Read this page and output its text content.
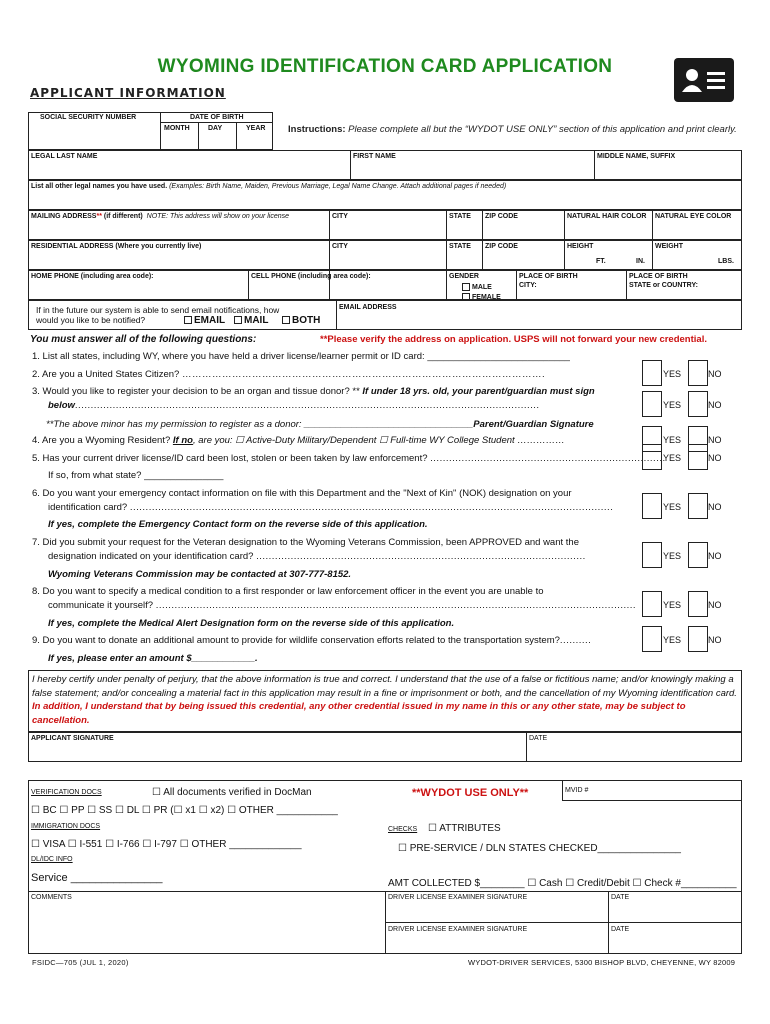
WYOMING IDENTIFICATION CARD APPLICATION
APPLICANT INFORMATION
SOCIAL SECURITY NUMBER	DATE OF BIRTH
MONTH	DAY	YEAR Instructions: Please complete all but the “WYDOT USE ONLY” section of this application and print clearly.
LEGAL LAST NAME	FIRST NAME	MIDDLE NAME, SUFFIX
List all other legal names you have used. (Examples: Birth Name, Maiden, Previous Marriage, Legal Name Change. Attach additional pages if needed)
MAILING ADDRESS** (if different) NOTE: This address will show on your license	CITY	STATE ZIP CODE	NATURAL HAIR COLOR NATURAL EYE COLOR
RESIDENTIAL ADDRESS (Where you currently live)	CITY	STATE ZIP CODE	HEIGHT	WEIGHT
FT.	IN.	LBS.
HOME PHONE (including area code):	CELL PHONE (including area code):	GENDER
MALE
FEMALE
PLACE OF BIRTH
CITY:
PLACE OF BIRTH
STATE or COUNTRY:
If in the future our system is able to send email notifications, how
would you like to be notified?	EMAIL	MAIL	BOTH
EMAIL ADDRESS
You must answer all of the following questions:	**Please verify the address on application. USPS will not forward your new credential.
1. List all states, including WY, where you have held a driver license/learner permit or ID card: ___________________________
2. Are you a United States Citizen? ……………………………………………………………………………………………….	YES	NO
3. Would you like to register your decision to be an organ and tissue donor? ** If under 18 yrs. old, your parent/guardian must sign
below....................................................................................................................................................	YES	NO
**The above minor has my permission to register as a donor: ________________________________Parent/Guardian Signature
4. Are you a Wyoming Resident? If no, are you: ☐ Active-Duty Military/Dependent ☐ Full-time WY College Student ……………	YES	NO
5. Has your current driver license/ID card been lost, stolen or been taken by law enforcement? ...........................................................................
YES	NO
If so, from what state? _______________
6. Do you want your emergency contact information on file with this Department and the "Next of Kin" (NOK) designation on your
identification card? ..........................................................................................................................................................	YES	NO
If yes, complete the Emergency Contact form on the reverse side of this application.
7. Did you submit your request for the Veteran designation to the Wyoming Veterans Commission, been APPROVED and want the
designation indicated on your identification card? .........................................................................................................	YES	NO
Wyoming Veterans Commission may be contacted at 307-777-8152.
8. Do you want to specify a medical condition to a first responder or law enforcement officer in the event you are unable to
communicate it yourself? .........................................................................................................................................................	YES	NO
If yes, complete the Medical Alert Designation form on the reverse side of this application.
9. Do you want to donate an additional amount to provide for wildlife conservation efforts related to the transportation system?..........	YES	NO
If yes, please enter an amount $____________.
I hereby certify under penalty of perjury, that the above information is true and correct. I understand that the use of a false or fictitious name; and/or knowingly making a false statement; and/or concealing a material fact in this application may result in a fine or imprisonment or both, and the cancellation of my Wyoming identification card. In addition, I understand that by being issued this credential, any other credential issued in my name in this or any other state, may be subject to cancellation.
APPLICANT SIGNATURE	DATE
VERIFICATION DOCS	☐ All documents verified in DocMan	**WYDOT USE ONLY**	MVID #
☐ BC ☐ PP ☐ SS ☐ DL ☐ PR (☐ x1 ☐ x2) ☐ OTHER ___________
IMMIGRATION DOCS	CHECKS ☐ ATTRIBUTES
☐ VISA ☐ I-551 ☐ I-766 ☐ I-797 ☐ OTHER _____________	☐ PRE-SERVICE / DLN STATES CHECKED_______________
DL/IDC INFO
Service _______________	AMT COLLECTED $________ ☐ Cash ☐ Credit/Debit ☐ Check #__________
COMMENTS	DRIVER LICENSE EXAMINER SIGNATURE	DATE
DRIVER LICENSE EXAMINER SIGNATURE	DATE
FSIDC—705 (JUL 1, 2020)	WYDOT-DRIVER SERVICES, 5300 BISHOP BLVD, CHEYENNE, WY 82009
